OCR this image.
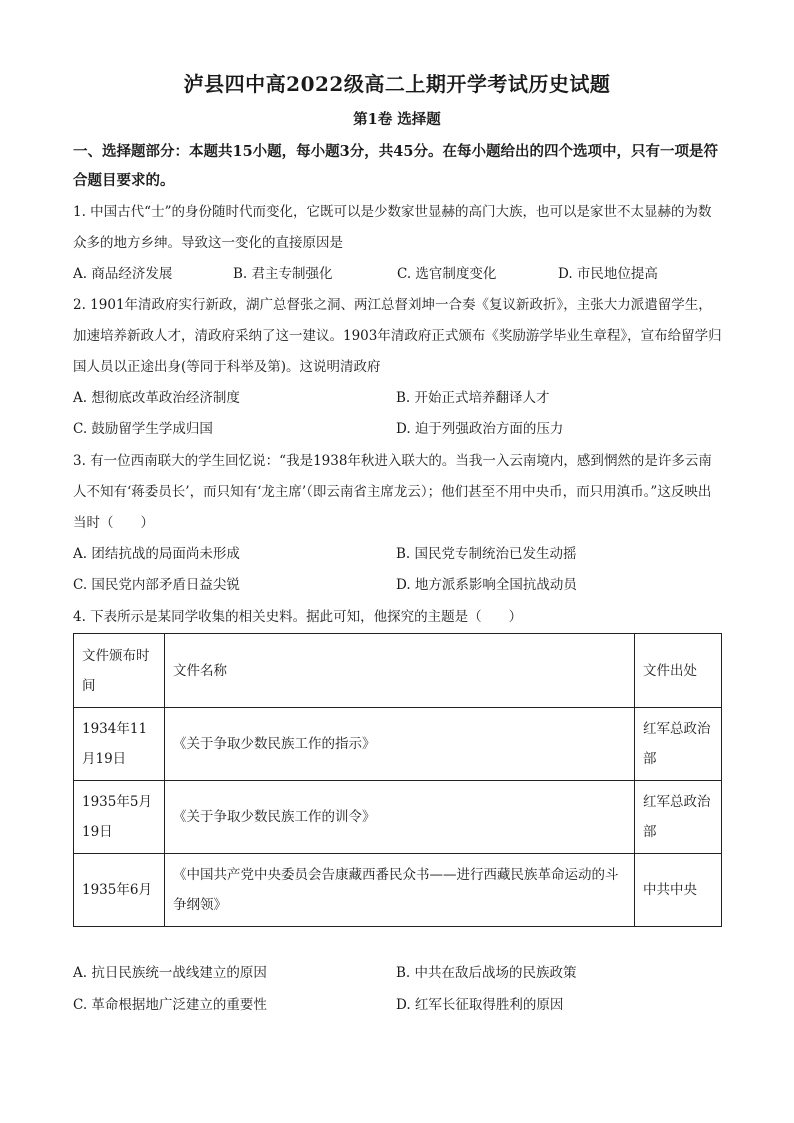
泸县四中高2022级高二上期开学考试历史试题
第1卷 选择题
一、选择题部分：本题共15小题，每小题3分，共45分。在每小题给出的四个选项中，只有一项是符合题目要求的。
1. 中国古代“士”的身份随时代而变化，它既可以是少数家世显赫的高门大族，也可以是家世不太显赫的为数众多的地方乡绅。导致这一变化的直接原因是
A. 商品经济发展	B. 君主专制强化	C. 选官制度变化	D. 市民地位提高
2. 1901年清政府实行新政，湖广总督张之洞、两江总督刘坤一合奏《复议新政折》，主张大力派遣留学生，加速培养新政人才，清政府采纳了这一建议。1903年清政府正式颁布《奖励游学毕业生章程》，宣布给留学归国人员以正途出身(等同于科举及第)。这说明清政府
A. 想彻底改革政治经济制度	B. 开始正式培养翻译人才
C. 鼓励留学生学成归国	D. 迫于列强政治方面的压力
3. 有一位西南联大的学生回忆说：“我是1938年秋进入联大的。当我一入云南境内，感到惘然的是许多云南人不知有‘蒋委员长’，而只知有‘龙主席’（即云南省主席龙云）；他们甚至不用中央币，而只用滇币。”这反映出当时（　　）
A. 团结抗战的局面尚未形成	B. 国民党专制统治已发生动摇
C. 国民党内部矛盾日益尖锐	D. 地方派系影响全国抗战动员
4. 下表所示是某同学收集的相关史料。据此可知，他探究的主题是（　　）
文件颁布时间	文件名称	文件出处
1934年11月19日	《关于争取少数民族工作的指示》	红军总政治部
1935年5月19日	《关于争取少数民族工作的训令》	红军总政治部
1935年6月	《中国共产党中央委员会告康藏西番民众书——进行西藏民族革命运动的斗争纲领》	中共中央
A. 抗日民族统一战线建立的原因	B. 中共在敌后战场的民族政策
C. 革命根据地广泛建立的重要性	D. 红军长征取得胜利的原因
